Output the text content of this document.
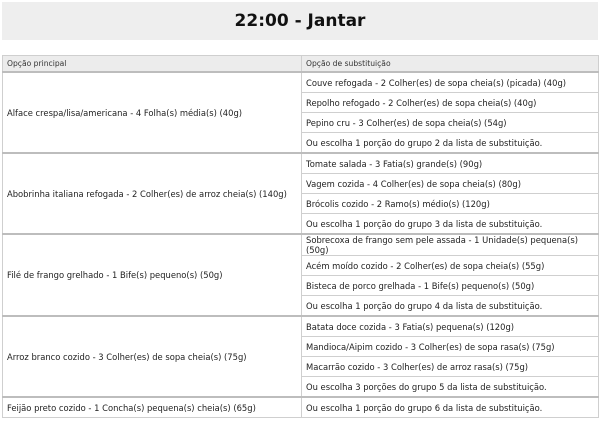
22:00 - Jantar
Opção principal	Opção de substituição
Alface crespa/lisa/americana - 4 Folha(s) média(s) (40g)	Couve refogada - 2 Colher(es) de sopa cheia(s) (picada) (40g)
	Repolho refogado - 2 Colher(es) de sopa cheia(s) (40g)
	Pepino cru - 3 Colher(es) de sopa cheia(s) (54g)
	Ou escolha 1 porção do grupo 2 da lista de substituição.
Abobrinha italiana refogada - 2 Colher(es) de arroz cheia(s) (140g)	Tomate salada - 3 Fatia(s) grande(s) (90g)
	Vagem cozida - 4 Colher(es) de sopa cheia(s) (80g)
	Brócolis cozido - 2 Ramo(s) médio(s) (120g)
	Ou escolha 1 porção do grupo 3 da lista de substituição.
Filé de frango grelhado - 1 Bife(s) pequeno(s) (50g)	Sobrecoxa de frango sem pele assada - 1 Unidade(s) pequena(s) (50g)
	Acém moído cozido - 2 Colher(es) de sopa cheia(s) (55g)
	Bisteca de porco grelhada - 1 Bife(s) pequeno(s) (50g)
	Ou escolha 1 porção do grupo 4 da lista de substituição.
Arroz branco cozido - 3 Colher(es) de sopa cheia(s) (75g)	Batata doce cozida - 3 Fatia(s) pequena(s) (120g)
	Mandioca/Aipim cozido - 3 Colher(es) de sopa rasa(s) (75g)
	Macarrão cozido - 3 Colher(es) de arroz rasa(s) (75g)
	Ou escolha 3 porções do grupo 5 da lista de substituição.
Feijão preto cozido - 1 Concha(s) pequena(s) cheia(s) (65g)	Ou escolha 1 porção do grupo 6 da lista de substituição.
